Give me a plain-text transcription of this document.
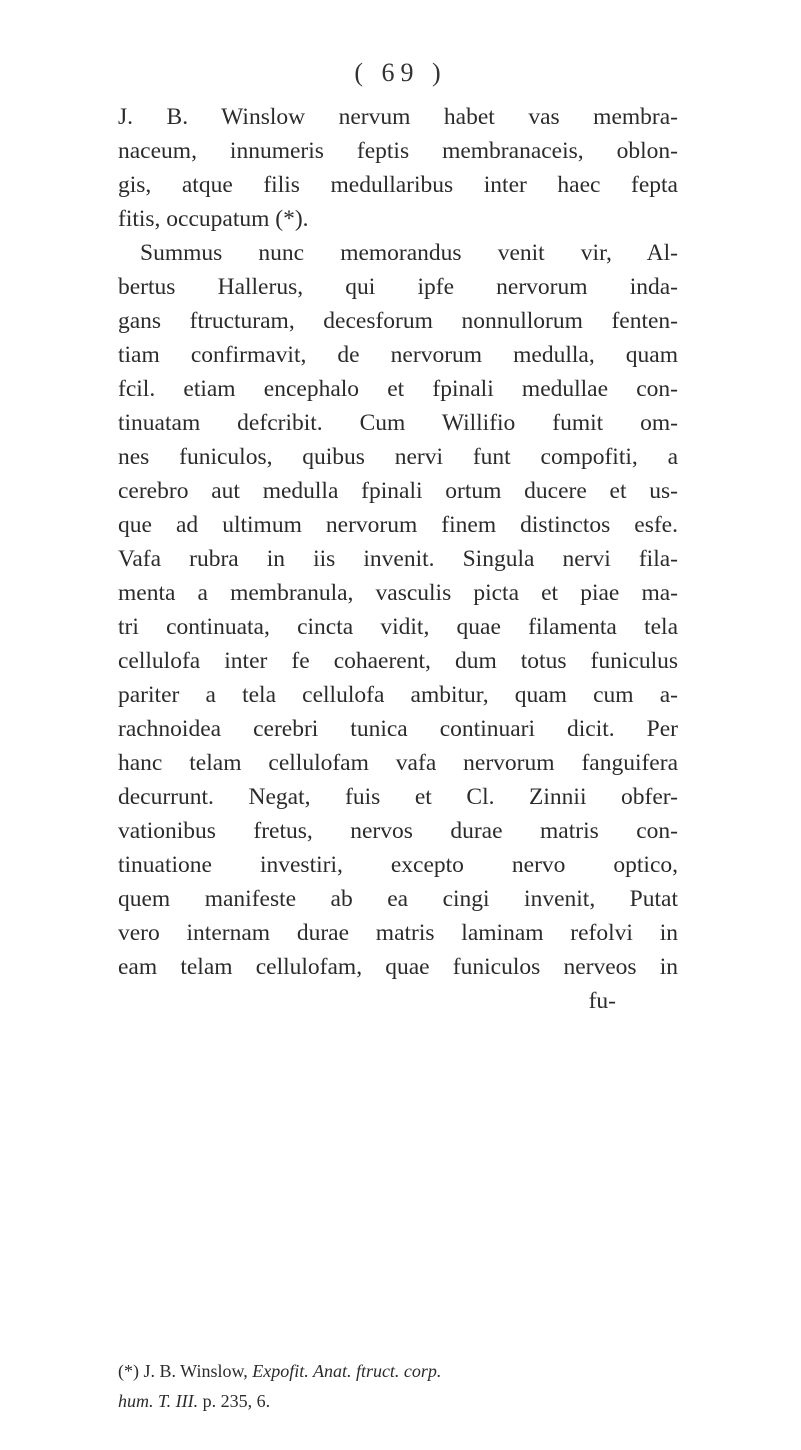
( 69 )
J. B. Winslow nervum habet vas membra-
naceum, innumeris feptis membranaceis, oblon-
gis, atque filis medullaribus inter haec fepta
fitis, occupatum (*).
Summus nunc memorandus venit vir, Al-
bertus Hallerus, qui ipfe nervorum inda-
gans ftructuram, decesforum nonnullorum fenten-
tiam confirmavit, de nervorum medulla, quam
fcil. etiam encephalo et fpinali medullae con-
tinuatam defcribit. Cum Willifio fumit om-
nes funiculos, quibus nervi funt compofiti, a
cerebro aut medulla fpinali ortum ducere et us-
que ad ultimum nervorum finem distinctos esfe.
Vafa rubra in iis invenit. Singula nervi fila-
menta a membranula, vasculis picta et piae ma-
tri continuata, cincta vidit, quae filamenta tela
cellulofa inter fe cohaerent, dum totus funiculus
pariter a tela cellulofa ambitur, quam cum a-
rachnoidea cerebri tunica continuari dicit. Per
hanc telam cellulofam vafa nervorum fanguifera
decurrunt. Negat, fuis et Cl. Zinnii obfer-
vationibus fretus, nervos durae matris con-
tinuatione investiri, excepto nervo optico,
quem manifeste ab ea cingi invenit, Putat
vero internam durae matris laminam refolvi in
eam telam cellulofam, quae funiculos nerveos in
fu-
(*) J. B. Winslow, Expofit. Anat. ftruct. corp.
hum. T. III. p. 235, 6.
